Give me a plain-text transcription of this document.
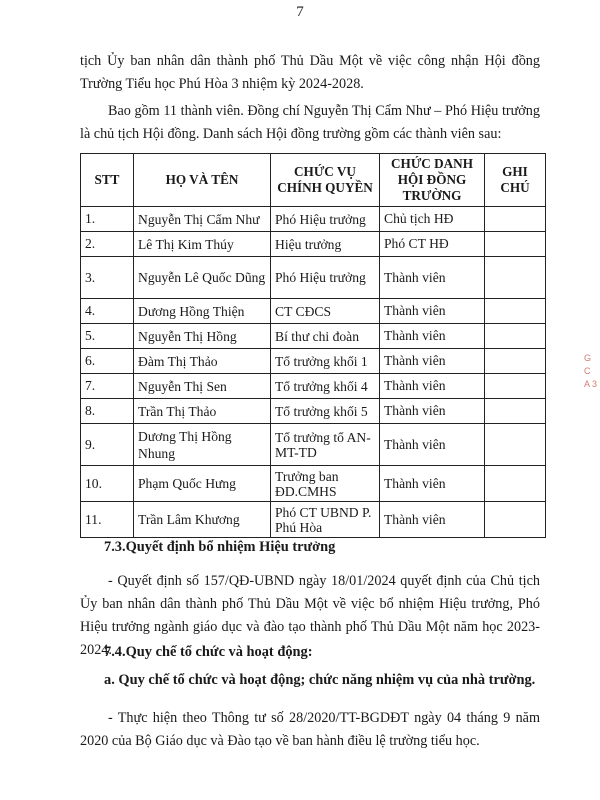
7

tịch Ủy ban nhân dân thành phố Thủ Dầu Một về việc công nhận Hội đồng Trường Tiểu học Phú Hòa 3 nhiệm kỳ 2024-2028.

Bao gồm 11 thành viên. Đồng chí Nguyễn Thị Cẩm Như – Phó Hiệu trưởng là chủ tịch Hội đồng. Danh sách Hội đồng trường gồm các thành viên sau:

STT	HỌ VÀ TÊN	CHỨC VỤ CHÍNH QUYỀN	CHỨC DANH HỘI ĐỒNG TRƯỜNG	GHI CHÚ
1.	Nguyễn Thị Cẩm Như	Phó Hiệu trưởng	Chủ tịch HĐ	
2.	Lê Thị Kim Thúy	Hiệu trưởng	Phó CT HĐ	
3.	Nguyễn Lê Quốc Dũng	Phó Hiệu trưởng	Thành viên	
4.	Dương Hồng Thiện	CT CĐCS	Thành viên	
5.	Nguyễn Thị Hồng	Bí thư chi đoàn	Thành viên	
6.	Đàm Thị Thảo	Tổ trưởng khối 1	Thành viên	
7.	Nguyễn Thị Sen	Tổ trưởng khối 4	Thành viên	
8.	Trần Thị Thảo	Tổ trưởng khối 5	Thành viên	
9.	Dương Thị Hồng Nhung	Tổ trưởng tổ AN-MT-TD	Thành viên	
10.	Phạm Quốc Hưng	Trưởng ban ĐD.CMHS	Thành viên	
11.	Trần Lâm Khương	Phó CT UBND P. Phú Hòa	Thành viên	

7.3.Quyết định bổ nhiệm Hiệu trưởng

- Quyết định số 157/QĐ-UBND ngày 18/01/2024 quyết định của Chủ tịch Ủy ban nhân dân thành phố Thủ Dầu Một về việc bổ nhiệm Hiệu trưởng, Phó Hiệu trưởng ngành giáo dục và đào tạo thành phố Thủ Dầu Một năm học 2023-2024.

7.4.Quy chế tổ chức và hoạt động:

a. Quy chế tổ chức và hoạt động; chức năng nhiệm vụ của nhà trường.

- Thực hiện theo Thông tư số 28/2020/TT-BGDĐT ngày 04 tháng 9 năm 2020 của Bộ Giáo dục và Đào tạo về ban hành điều lệ trường tiểu học.

G
C
A 3
